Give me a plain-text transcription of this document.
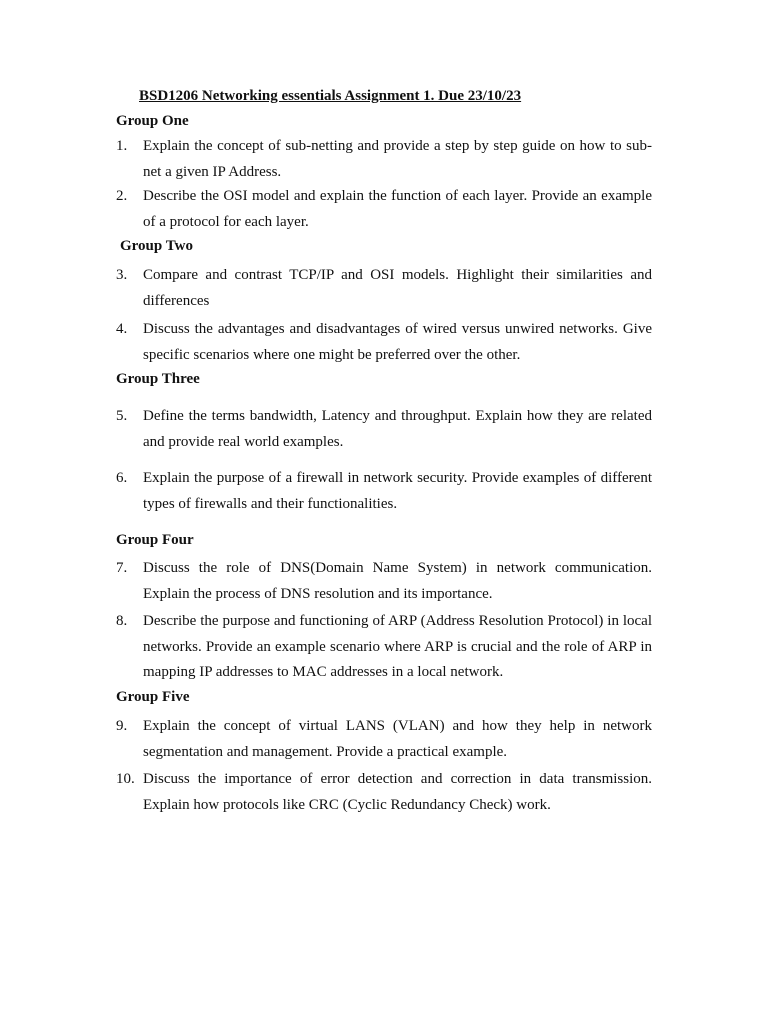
BSD1206 Networking essentials Assignment 1. Due 23/10/23
Group One
1. Explain the concept of sub-netting and provide a step by step guide on how to sub-net a given IP Address.
2. Describe the OSI model and explain the function of each layer. Provide an example of a protocol for each layer.
Group Two
3. Compare and contrast TCP/IP and OSI models. Highlight their similarities and differences
4. Discuss the advantages and disadvantages of wired versus unwired networks. Give specific scenarios where one might be preferred over the other.
Group Three
5. Define the terms bandwidth, Latency and throughput. Explain how they are related and provide real world examples.
6. Explain the purpose of a firewall in network security. Provide examples of different types of firewalls and their functionalities.
Group Four
7. Discuss the role of DNS(Domain Name System) in network communication. Explain the process of DNS resolution and its importance.
8. Describe the purpose and functioning of ARP (Address Resolution Protocol) in local networks. Provide an example scenario where ARP is crucial and the role of ARP in mapping IP addresses to MAC addresses in a local network.
Group Five
9. Explain the concept of virtual LANS (VLAN) and how they help in network segmentation and management. Provide a practical example.
10. Discuss the importance of error detection and correction in data transmission. Explain how protocols like CRC (Cyclic Redundancy Check) work.
